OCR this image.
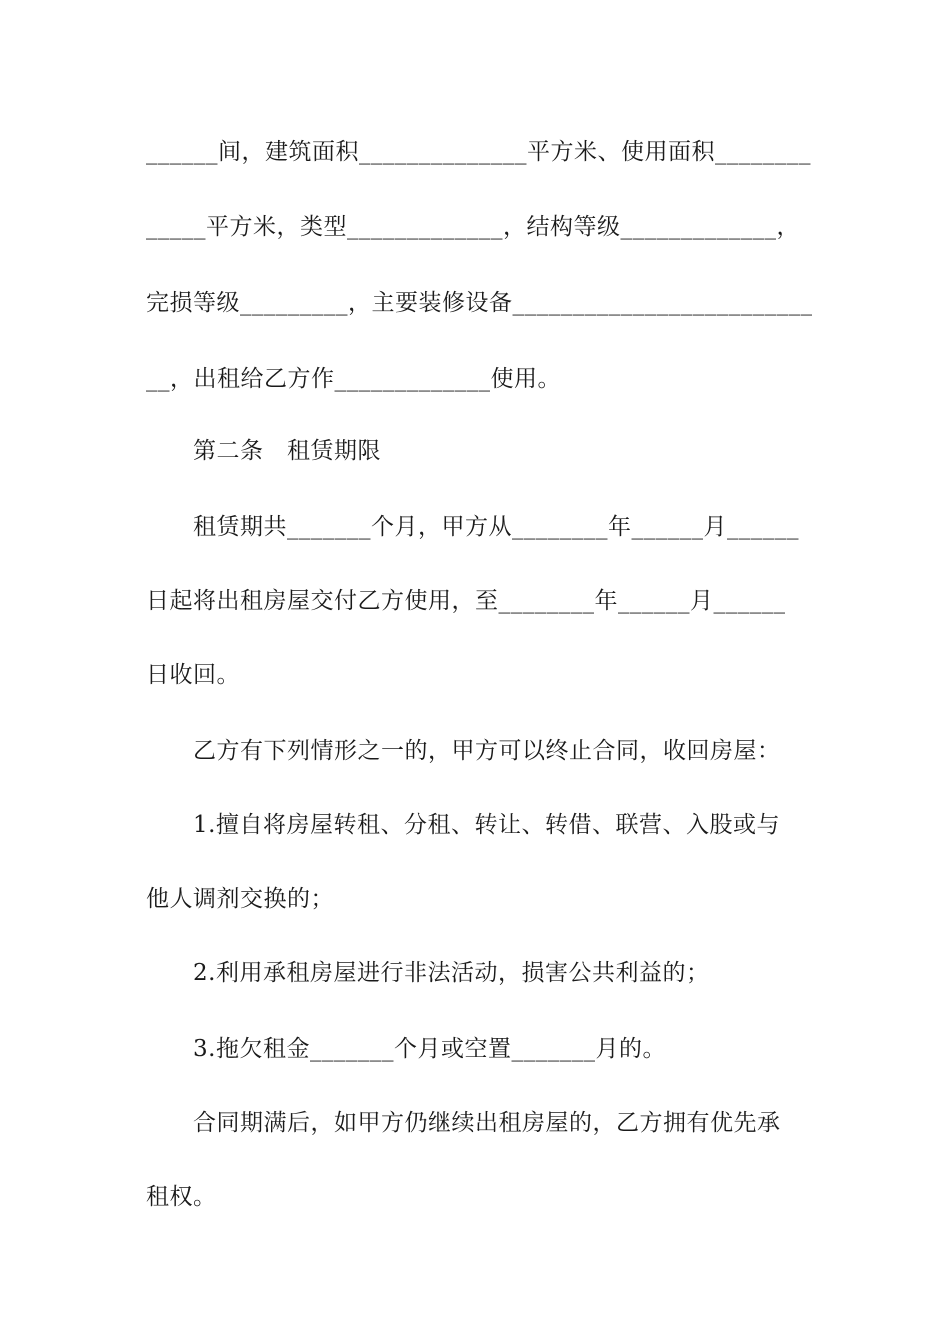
______间，建筑面积______________平方米、使用面积________
_____平方米，类型_____________，结构等级_____________，
完损等级_________，主要装修设备_________________________
__，出租给乙方作_____________使用。
第二条　租赁期限
租赁期共_______个月，甲方从________年______月______
日起将出租房屋交付乙方使用，至________年______月______
日收回。
乙方有下列情形之一的，甲方可以终止合同，收回房屋：
1.擅自将房屋转租、分租、转让、转借、联营、入股或与
他人调剂交换的；
2.利用承租房屋进行非法活动，损害公共利益的；
3.拖欠租金_______个月或空置_______月的。
合同期满后，如甲方仍继续出租房屋的，乙方拥有优先承
租权。
